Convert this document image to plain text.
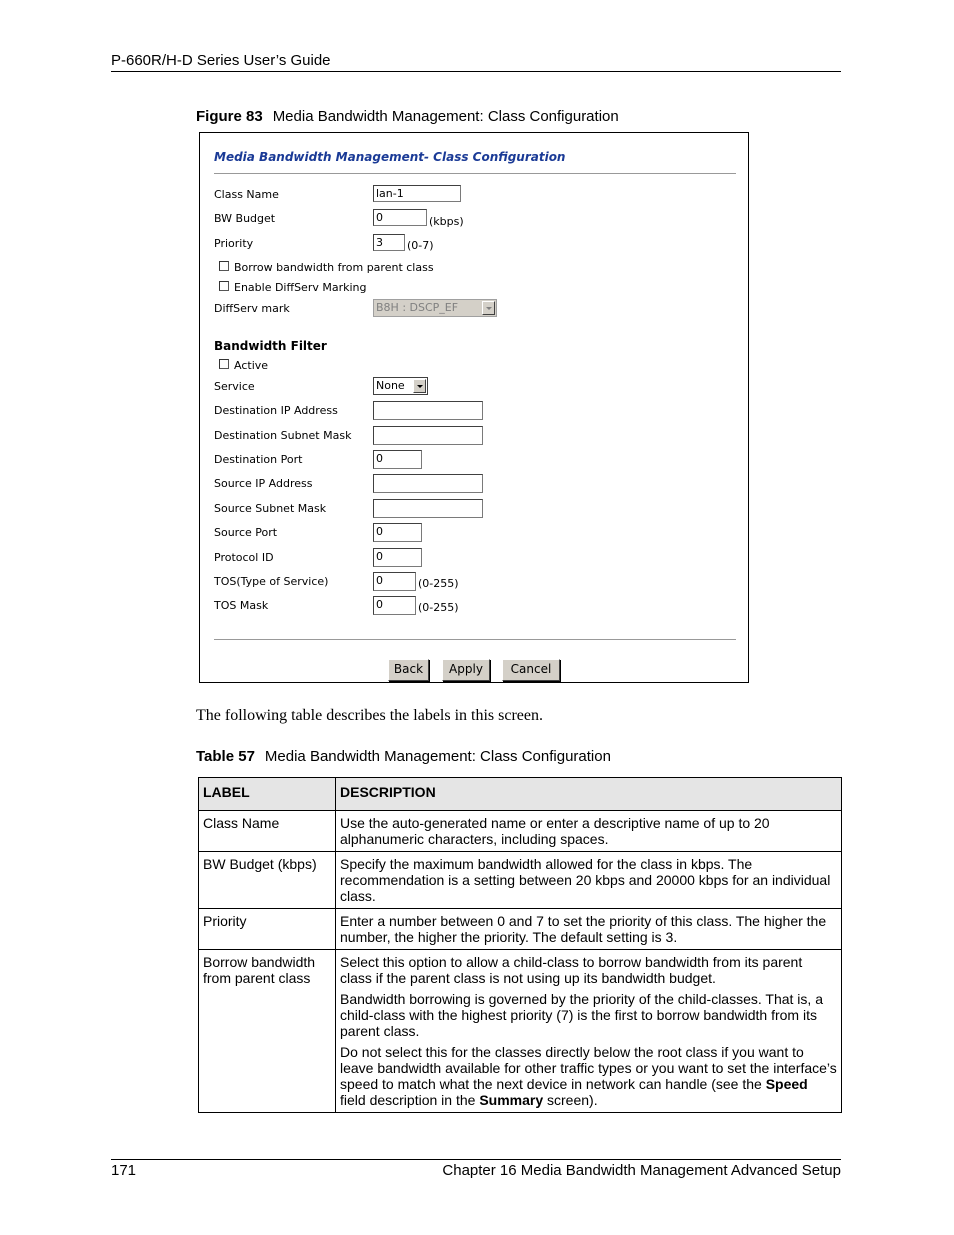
P-660R/H-D Series User’s Guide
Figure 83 Media Bandwidth Management: Class Configuration
Media Bandwidth Management- Class Configuration
Class Name	lan-1
BW Budget	0	(kbps)
Priority	3	(0-7)
Borrow bandwidth from parent class
Enable DiffServ Marking
DiffServ mark	B8H : DSCP_EF
Bandwidth Filter
Active
Service	None
Destination IP Address
Destination Subnet Mask
Destination Port	0
Source IP Address
Source Subnet Mask
Source Port	0
Protocol ID	0
TOS(Type of Service)	0	(0-255)
TOS Mask	0	(0-255)
Back	Apply	Cancel
The following table describes the labels in this screen.
Table 57 Media Bandwidth Management: Class Configuration
LABEL	DESCRIPTION
Class Name	Use the auto-generated name or enter a descriptive name of up to 20 alphanumeric characters, including spaces.

BW Budget (kbps)	Specify the maximum bandwidth allowed for the class in kbps. The recommendation is a setting between 20 kbps and 20000 kbps for an individual class.

Priority	Enter a number between 0 and 7 to set the priority of this class. The higher the number, the higher the priority. The default setting is 3.

Borrow bandwidth from parent class	Select this option to allow a child-class to borrow bandwidth from its parent class if the parent class is not using up its bandwidth budget.

Bandwidth borrowing is governed by the priority of the child-classes. That is, a child-class with the highest priority (7) is the first to borrow bandwidth from its parent class.

Do not select this for the classes directly below the root class if you want to leave bandwidth available for other traffic types or you want to set the interface’s speed to match what the next device in network can handle (see the Speed field description in the Summary screen).

171	Chapter 16 Media Bandwidth Management Advanced Setup
